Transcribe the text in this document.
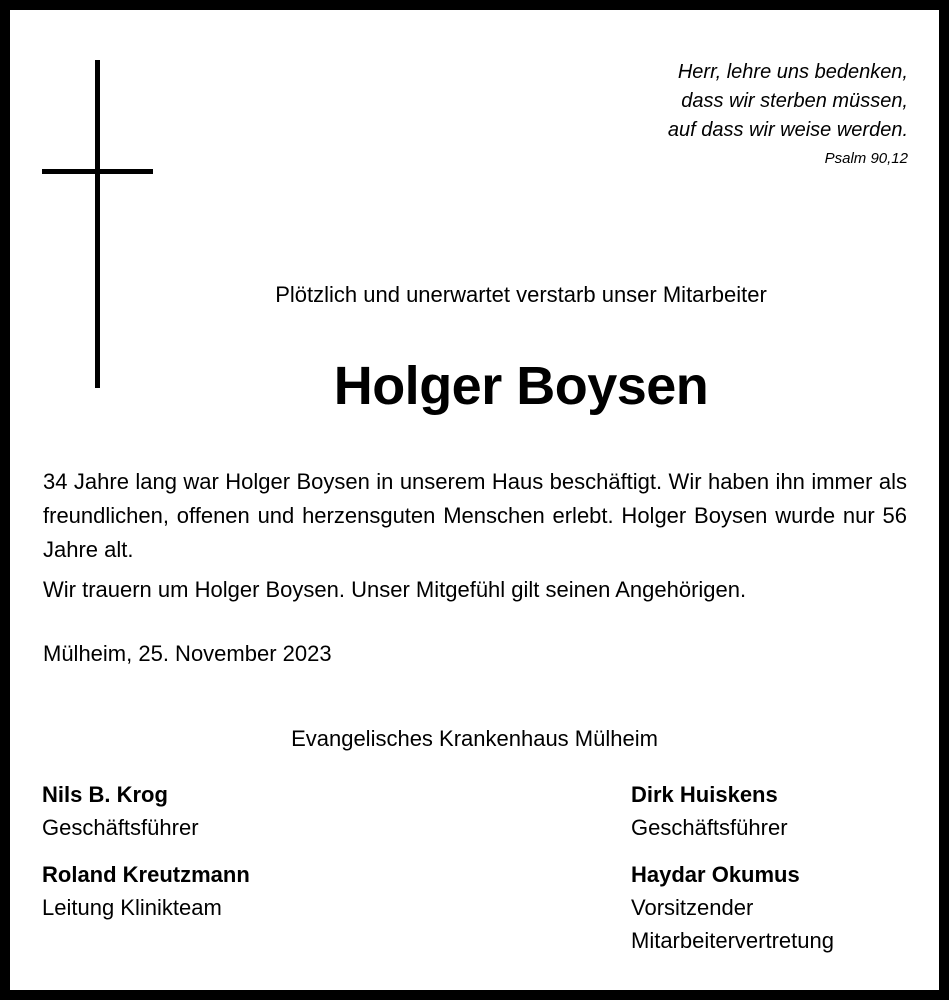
Herr, lehre uns bedenken,
dass wir sterben müssen,
auf dass wir weise werden.
Psalm 90,12
Plötzlich und unerwartet verstarb unser Mitarbeiter
Holger Boysen

34 Jahre lang war Holger Boysen in unserem Haus beschäftigt. Wir haben ihn immer als freundlichen, offenen und herzensguten Menschen erlebt. Holger Boysen wurde nur 56 Jahre alt.

Wir trauern um Holger Boysen. Unser Mitgefühl gilt seinen Angehörigen.

Mülheim, 25. November 2023
Evangelisches Krankenhaus Mülheim
Nils B. Krog
Geschäftsführer
Dirk Huiskens
Geschäftsführer
Roland Kreutzmann
Leitung Klinikteam
Haydar Okumus
Vorsitzender
Mitarbeitervertretung
